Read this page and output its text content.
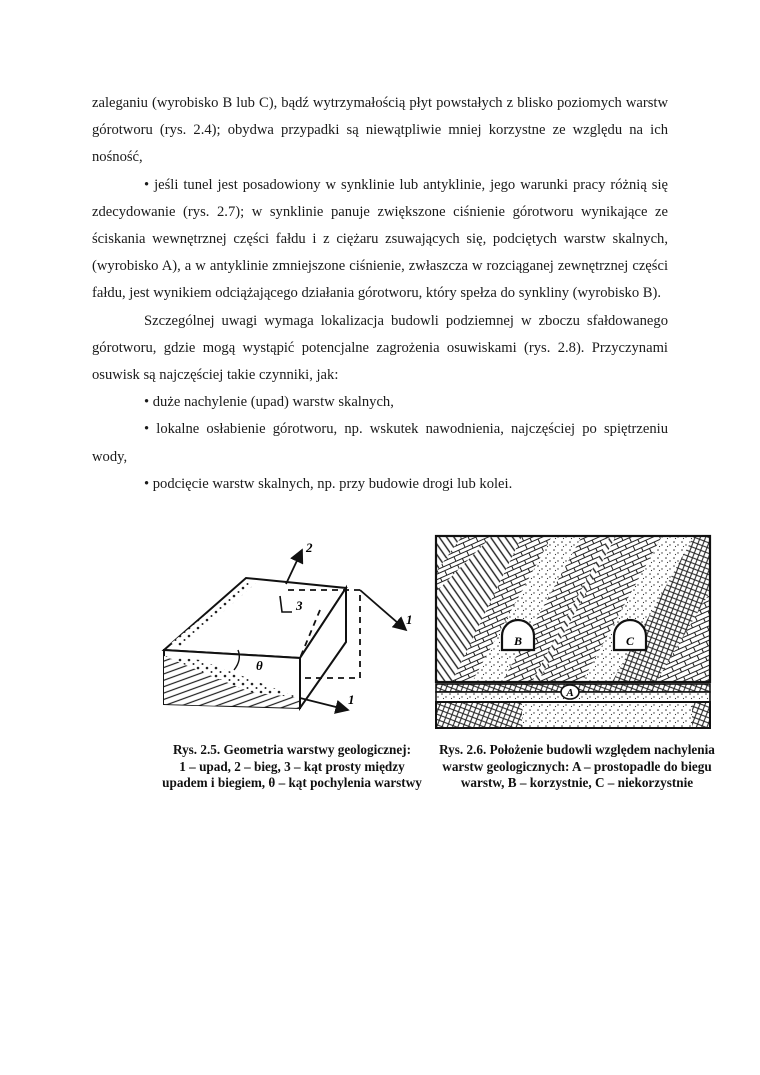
zaleganiu (wyrobisko B lub C), bądź wytrzymałością płyt powstałych z blisko poziomych warstw górotworu (rys. 2.4); obydwa przypadki są niewątpliwie mniej korzystne ze względu na ich nośność,

• jeśli tunel jest posadowiony w synklinie lub antyklinie, jego warunki pracy różnią się zdecydowanie (rys. 2.7); w synklinie panuje zwiększone ciśnienie górotworu wynikające ze ściskania wewnętrznej części fałdu i z ciężaru zsuwających się, podciętych warstw skalnych, (wyrobisko A), a w antyklinie zmniejszone ciśnienie, zwłaszcza w rozciąganej zewnętrznej części fałdu, jest wynikiem odciążającego działania górotworu, który spełza do synkliny (wyrobisko B).

Szczególnej uwagi wymaga lokalizacja budowli podziemnej w zboczu sfałdowanego górotworu, gdzie mogą wystąpić potencjalne zagrożenia osuwiskami (rys. 2.8). Przyczynami osuwisk są najczęściej takie czynniki, jak:

• duże nachylenie (upad) warstw skalnych,

• lokalne osłabienie górotworu, np. wskutek nawodnienia, najczęściej po spiętrzeniu wody,

• podcięcie warstw skalnych, np. przy budowie drogi lub kolei.

1
1
2
3
θ
Rys. 2.5. Geometria warstwy geologicznej:
1 – upad, 2 – bieg, 3 – kąt prosty między
upadem i biegiem, θ – kąt pochylenia warstwy
B	C
A
Rys. 2.6. Położenie budowli względem nachylenia
warstw geologicznych: A – prostopadle do biegu
warstw, B – korzystnie, C – niekorzystnie
